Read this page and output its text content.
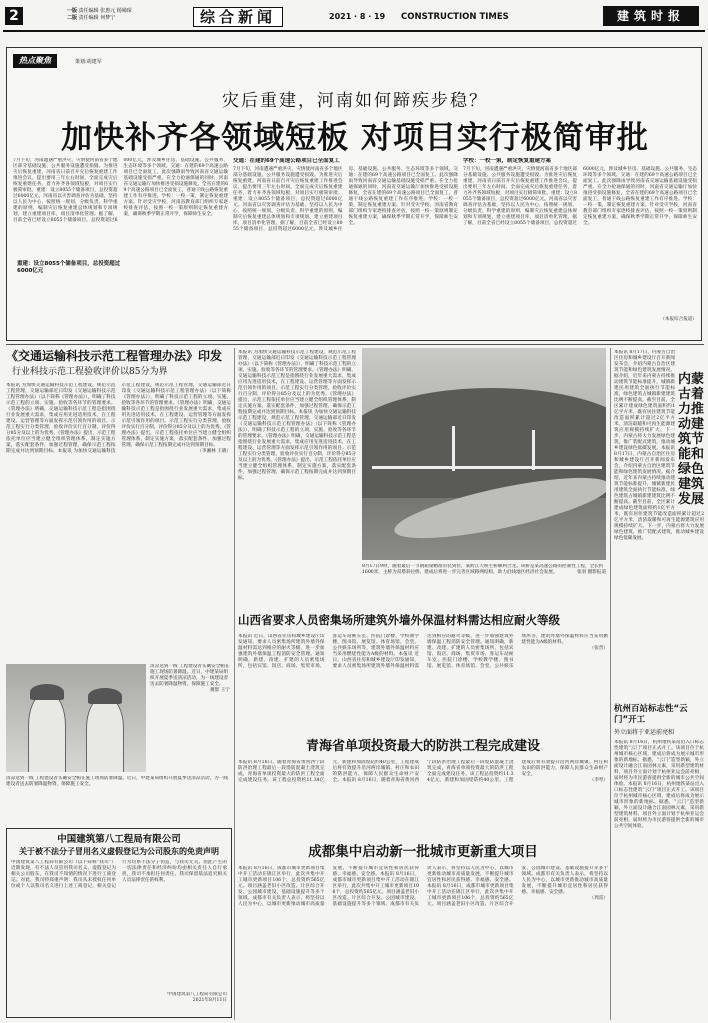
2	一版 责任编辑 张惠元 杨娣琛
二版 责任编辑 何梦宁	综合新闻	2021 · 8 · 19 CONSTRUCTION TIMES	建筑时报
热点聚焦	策划:胡建军
灾后重建，河南如何蹄疾步稳？
加快补齐各领域短板 对项目实行极简审批
7月下旬，河南遭遇严重洪灾，灾情使河南省多个地区部分基础设施、公共服务设施遭受损毁。为推进灾后恢复重建，河南省日前召开灾后恢复重建工作推进会议，提出要用三年左右时间，全面完成灾后恢复重建任务，着力补齐各领域短板，对项目实行极简审批。重建：设立8055个储备项目，总投资超过6000亿元。河南省以灾害调查评估为基础，坚持以人民为中心，按照统一规划、分级负责、科学重建的原则，编制灾后恢复重建总体规划和专项规划，建立重建项目库，项目清单化管理。据了解，目前全省已经设立8055个储备项目，总投资超过6000亿元，涉及城乡住房、基础设施、公共服务、生态环境等多个领域。交通：在建的69个高速公路项目已全面复工。此次强降雨导致河南省交通运输基础设施受损严重。在全力抢通保通的同时，河南省交通运输厅加快推进受损设施修复，全省在建的69个高速公路项目已全面复工，普通干线公路恢复重建工作有序推进。学校：一校一策，制定恢复重建方案。针对受灾学校，河南省教育部门组织专家逐校排查评估，按照一校一策原则制定恢复重建方案，确保秋季学期正常开学，保障师生安全。
交通：在建的69个高速公路项目已全面复工
7月下旬，河南遭遇严重洪灾，灾情使河南省多个地区部分基础设施、公共服务设施遭受损毁。为推进灾后恢复重建，河南省日前召开灾后恢复重建工作推进会议，提出要用三年左右时间，全面完成灾后恢复重建任务，着力补齐各领域短板，对项目实行极简审批。重建：设立8055个储备项目，总投资超过6000亿元。河南省以灾害调查评估为基础，坚持以人民为中心，按照统一规划、分级负责、科学重建的原则，编制灾后恢复重建总体规划和专项规划，建立重建项目库，项目清单化管理。据了解，目前全省已经设立8055个储备项目，总投资超过6000亿元，涉及城乡住房、基础设施、公共服务、生态环境等多个领域。交通：在建的69个高速公路项目已全面复工。此次强降雨导致河南省交通运输基础设施受损严重。在全力抢通保通的同时，河南省交通运输厅加快推进受损设施修复，全省在建的69个高速公路项目已全面复工，普通干线公路恢复重建工作有序推进。学校：一校一策，制定恢复重建方案。针对受灾学校，河南省教育部门组织专家逐校排查评估，按照一校一策原则制定恢复重建方案，确保秋季学期正常开学，保障师生安全。
学校：一校一策，制定恢复重建方案
7月下旬，河南遭遇严重洪灾，灾情使河南省多个地区部分基础设施、公共服务设施遭受损毁。为推进灾后恢复重建，河南省日前召开灾后恢复重建工作推进会议，提出要用三年左右时间，全面完成灾后恢复重建任务，着力补齐各领域短板，对项目实行极简审批。重建：设立8055个储备项目，总投资超过6000亿元。河南省以灾害调查评估为基础，坚持以人民为中心，按照统一规划、分级负责、科学重建的原则，编制灾后恢复重建总体规划和专项规划，建立重建项目库，项目清单化管理。据了解，目前全省已经设立8055个储备项目，总投资超过6000亿元，涉及城乡住房、基础设施、公共服务、生态环境等多个领域。交通：在建的69个高速公路项目已全面复工。此次强降雨导致河南省交通运输基础设施受损严重。在全力抢通保通的同时，河南省交通运输厅加快推进受损设施修复，全省在建的69个高速公路项目已全面复工，普通干线公路恢复重建工作有序推进。学校：一校一策，制定恢复重建方案。针对受灾学校，河南省教育部门组织专家逐校排查评估，按照一校一策原则制定恢复重建方案，确保秋季学期正常开学，保障师生安全。
（本报综合报道）
重建：设立8055个储备项目，总投资超过6000亿元
《交通运输科技示范工程管理办法》印发
行业科技示范工程验收评价以85分为界
本报讯 为加快交通运输科技示范工程建设，规范示范工程管理，交通运输部近日印发《交通运输科技示范工程管理办法》（以下简称《管理办法》），明确了科技示范工程的立项、实施、验收等各环节的管理要求。《管理办法》明确，交通运输科技示范工程是指围绕行业发展重大需求，集成应用先进适用技术，在工程建设、运营管理等方面发挥示范引领作用的项目。示范工程实行分类管理，验收评价实行百分制，评价得分85分及以上的为优秀。《管理办法》提出，示范工程依托单位应当建立健全组织管理体系，制定实施方案，落实配套条件，加强过程管理，确保示范工程按期完成并达到预期目标。本报讯 为加快交通运输科技示范工程建设，规范示范工程管理，交通运输部近日印发《交通运输科技示范工程管理办法》（以下简称《管理办法》），明确了科技示范工程的立项、实施、验收等各环节的管理要求。《管理办法》明确，交通运输科技示范工程是指围绕行业发展重大需求，集成应用先进适用技术，在工程建设、运营管理等方面发挥示范引领作用的项目。示范工程实行分类管理，验收评价实行百分制，评价得分85分及以上的为优秀。《管理办法》提出，示范工程依托单位应当建立健全组织管理体系，制定实施方案，落实配套条件，加强过程管理，确保示范工程按期完成并达到预期目标。
（李湘林 王晓）
本报讯 为加快交通运输科技示范工程建设，规范示范工程管理，交通运输部近日印发《交通运输科技示范工程管理办法》（以下简称《管理办法》），明确了科技示范工程的立项、实施、验收等各环节的管理要求。《管理办法》明确，交通运输科技示范工程是指围绕行业发展重大需求，集成应用先进适用技术，在工程建设、运营管理等方面发挥示范引领作用的项目。示范工程实行分类管理，验收评价实行百分制，评价得分85分及以上的为优秀。《管理办法》提出，示范工程依托单位应当建立健全组织管理体系，制定实施方案，落实配套条件，加强过程管理，确保示范工程按期完成并达到预期目标。本报讯 为加快交通运输科技示范工程建设，规范示范工程管理，交通运输部近日印发《交通运输科技示范工程管理办法》（以下简称《管理办法》），明确了科技示范工程的立项、实施、验收等各环节的管理要求。《管理办法》明确，交通运输科技示范工程是指围绕行业发展重大需求，集成应用先进适用技术，在工程建设、运营管理等方面发挥示范引领作用的项目。示范工程实行分类管理，验收评价实行百分制，评价得分85分及以上的为优秀。《管理办法》提出，示范工程依托单位应当建立健全组织管理体系，制定实施方案，落实配套条件，加强过程管理，确保示范工程按期完成并达到预期目标。
8月17日9时，随着最后一节钢箱梁精准吊装到位，某跨江大桥主桥顺利合龙。该桥是某高速公路的控制性工程，全长约1600米，主桥为双塔斜拉桥。建成后将进一步完善区域路网结构，助力沿线地区经济社会发展。	张羽 摄影报道
山西省要求人员密集场所建筑外墙外保温材料需达相应耐火等级
本报讯 近日，山西省住房和城乡建设厅印发通知，要求人员密集场所建筑外墙外保温材料需达到相应的耐火等级，进一步加强建筑外墙保温工程消防安全管理。通知明确，新建、改建、扩建的人员密集场所，包括宾馆、饭店、商场、集贸市场、客运车站候车室、医院门诊楼、学校教学楼、图书馆、展览馆、体育场馆、会堂、公共娱乐场所等，建筑外墙外保温材料应当采用燃烧性能为A级的材料。本报讯 近日，山西省住房和城乡建设厅印发通知，要求人员密集场所建筑外墙外保温材料需达到相应的耐火等级，进一步加强建筑外墙保温工程消防安全管理。通知明确，新建、改建、扩建的人员密集场所，包括宾馆、饭店、商场、集贸市场、客运车站候车室、医院门诊楼、学校教学楼、图书馆、展览馆、体育场馆、会堂、公共娱乐场所等，建筑外墙外保温材料应当采用燃烧性能为A级的材料。
（张晋）
清凉送到一线 工程建设者头戴安全帽在施工现场防暑降温。近日，中建某局组织开展夏季送清凉活动，为一线建设者送去防暑降温物资，保障施工安全。
摄影 王宁
清凉送到一线 工程建设者头戴安全帽在施工现场防暑降温。近日，中建某局组织开展夏季送清凉活动，为一线建设者送去防暑降温物资，保障施工安全。
青海省单项投资最大的防洪工程完成建设
本报讯 8月16日，随着青海省黄河西宁段防洪治理工程最后一段堤防混凝土浇筑完成，青海省单项投资最大的防洪工程全面完成建设任务。该工程总投资约11.34亿元，新建和加固堤防约40公里，工程建成后将有效提升沿河两岸城镇、村庄和农田的防洪能力，保障人民群众生命财产安全。本报讯 8月16日，随着青海省黄河西宁段防洪治理工程最后一段堤防混凝土浇筑完成，青海省单项投资最大的防洪工程全面完成建设任务。该工程总投资约11.34亿元，新建和加固堤防约40公里，工程建成后将有效提升沿河两岸城镇、村庄和农田的防洪能力，保障人民群众生命财产安全。
（李琴）
中国建筑第八工程局有限公司
关于被不法分子冒用名义虚假登记为公司股东的免责声明
中国建筑第八工程局有限公司（以下简称“我司”）近期发现，有不法人员冒用我司名义，虚假登记为相关公司股东，在我司不知情的情况下进行工商登记。对此，我司特郑重声明：我司从未授权任何单位或个人以我司名义进行上述工商登记，相关登记行为均系不法分子伪造，与我司无关。由此产生的一切法律责任和经济纠纷均由相关责任人自行承担，我司不承担任何责任。我司保留依法追究相关人员法律责任的权利。
中国建筑第八工程局有限公司
2021年8月11日
成都集中启动新一批城市更新重大项目
本报讯 8月16日，成都市城市更新项目集中开工活动在锦江区举行，此次共集中开工城市更新项目106个，总投资约565亿元。项目涵盖老旧小区改造、片区综合开发、公园城市建设、基础设施提升等多个领域。成都市有关负责人表示，将坚持以人民为中心，以城市更新推动城市高质量发展，不断提升城市宜居性和居民获得感、幸福感、安全感。本报讯 8月16日，成都市城市更新项目集中开工活动在锦江区举行，此次共集中开工城市更新项目106个，总投资约565亿元。项目涵盖老旧小区改造、片区综合开发、公园城市建设、基础设施提升等多个领域。成都市有关负责人表示，将坚持以人民为中心，以城市更新推动城市高质量发展，不断提升城市宜居性和居民获得感、幸福感、安全感。本报讯 8月16日，成都市城市更新项目集中开工活动在锦江区举行，此次共集中开工城市更新项目106个，总投资约565亿元。项目涵盖老旧小区改造、片区综合开发、公园城市建设、基础设施提升等多个领域。成都市有关负责人表示，将坚持以人民为中心，以城市更新推动城市高质量发展，不断提升城市宜居性和居民获得感、幸福感、安全感。
（周雷）
内蒙古着力推动建筑节能和绿色建筑发展
本报讯 8月17日，内蒙古自治区住房和城乡建设厅召开新闻发布会，介绍内蒙古自治区建筑节能和绿色建筑发展情况。据介绍，近年来内蒙古持续推动建筑节能标准提升，城镇新建民用建筑全面执行节能标准，绿色建筑占城镇新建建筑比例不断提高。截至目前，全区累计建成绿色建筑面积约1亿平方米，既有居住建筑节能改造面积累计超过2亿平方米，清洁取暖和可再生能源建筑应用规模持续扩大。下一步，内蒙古将大力发展绿色建筑，推广装配式建筑，推动城乡建设绿色低碳发展。本报讯 8月17日，内蒙古自治区住房和城乡建设厅召开新闻发布会，介绍内蒙古自治区建筑节能和绿色建筑发展情况。据介绍，近年来内蒙古持续推动建筑节能标准提升，城镇新建民用建筑全面执行节能标准，绿色建筑占城镇新建建筑比例不断提高。截至目前，全区累计建成绿色建筑面积约1亿平方米，既有居住建筑节能改造面积累计超过2亿平方米，清洁取暖和可再生能源建筑应用规模持续扩大。下一步，内蒙古将大力发展绿色建筑，推广装配式建筑，推动城乡建设绿色低碳发展。
杭州百站标志性“云门”开工
外立面将于亚运前亮相
本报讯 8月16日，杭州地铁某站出入口标志性建筑“云门”项目正式开工。该项目位于杭州城市核心区域，建成后将成为展示城市形象的新地标。据悉，“云门”造型新颖，外立面设计融合江南园林元素，采用新型建筑材料，项目外立面计划于杭州亚运会前亮相，届时将为市民游客提供全新的城市公共空间体验。本报讯 8月16日，杭州地铁某站出入口标志性建筑“云门”项目正式开工。该项目位于杭州城市核心区域，建成后将成为展示城市形象的新地标。据悉，“云门”造型新颖，外立面设计融合江南园林元素，采用新型建筑材料，项目外立面计划于杭州亚运会前亮相，届时将为市民游客提供全新的城市公共空间体验。
